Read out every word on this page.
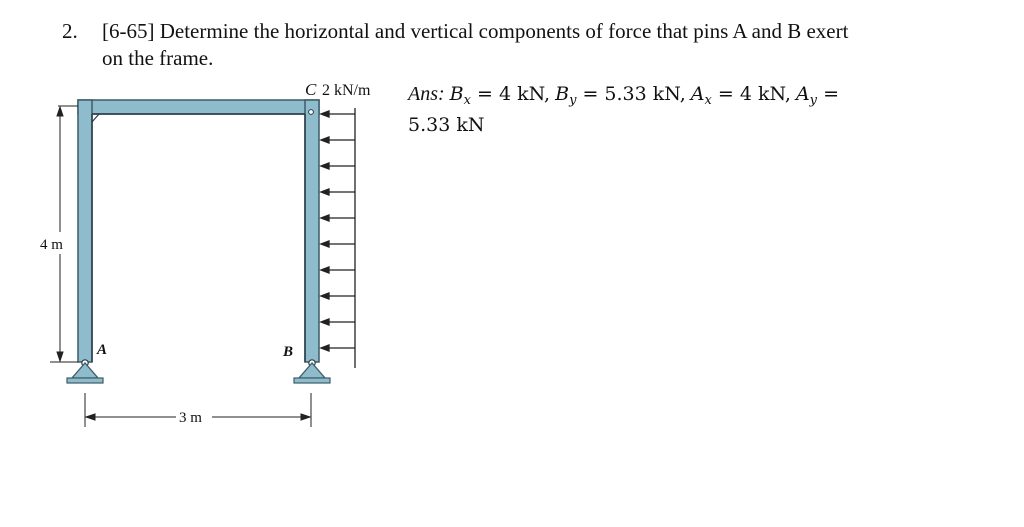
2. [6-65] Determine the horizontal and vertical components of force that pins A and B exert
on the frame.
Ans: $B_x = 4$ kN, $B_y = 5.33$ kN, $A_x = 4$ kN, $A_y$ =
5.33 kN
C 2 kN/m
A	B
4 m
3 m
